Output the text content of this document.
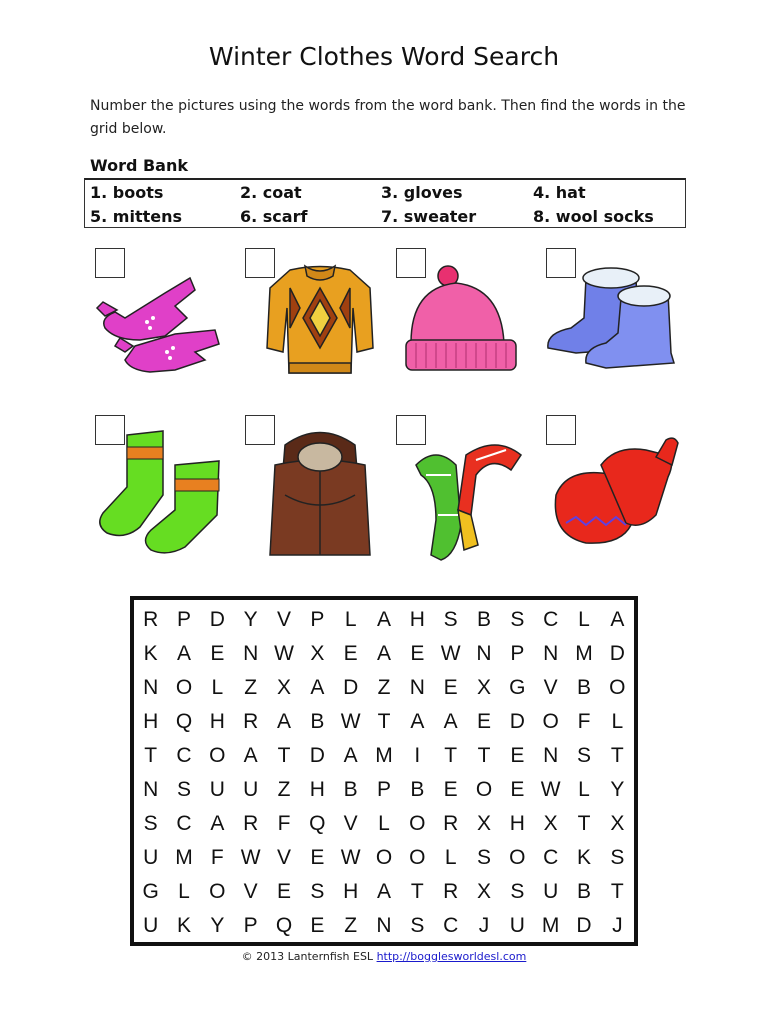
Winter Clothes Word Search
Number the pictures using the words from the word bank. Then find the words in the grid below.
Word Bank
1. boots	2. coat	3. gloves	4. hat
5. mittens	6. scarf	7. sweater	8. wool socks
R P D Y V P L A H S B S C L A
K A E N W X E A E W N P N M D
N O L	Z X A D Z N E X G V B O
H Q H R A B W T A A E D O F	L
T C O A T D A M	I	T T E N S T
N S U U Z H B P B E O E W L Y
S C A R F Q V L O R X H X T X
U M F W V E W O O L S O C K S
G L O V E S H A T R X S U B T
U K Y P Q E Z N S C J U M D J
© 2013 Lanternfish ESL http://bogglesworldesl.com
